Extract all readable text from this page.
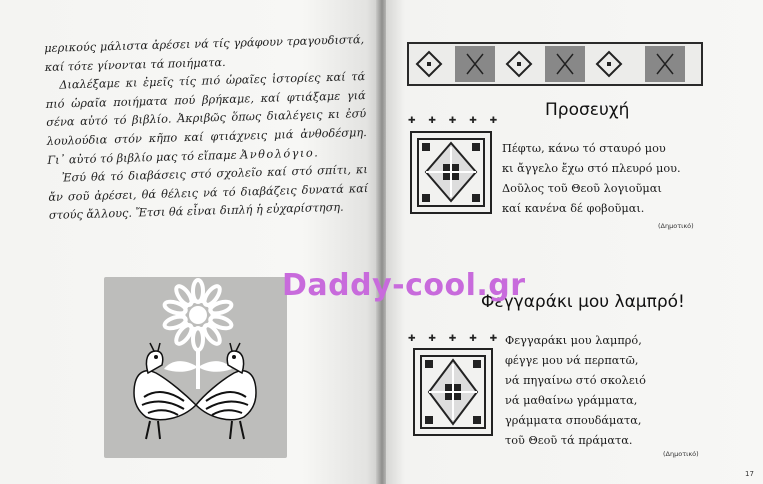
μερικούς μάλιστα ἀρέσει νά τίς γράφουν τραγουδιστά, καί τότε γίνονται τά ποιήματα.

Διαλέξαμε κι ἐμεῖς τίς πιό ὡραῖες ἱστορίες καί τά πιό ὡραῖα ποιήματα πού βρήκαμε, καί φτιάξαμε γιά σένα αὐτό τό βιβλίο. Ἀκριβῶς ὅπως διαλέγεις κι ἐσύ λουλούδια στόν κῆπο καί φτιάχνεις μιά ἀνθοδέσμη. Γι᾽ αὐτό τό βιβλίο μας τό εἴπαμε Ἀνθολόγιο.

Ἐσύ θά τό διαβάσεις στό σχολεῖο καί στό σπίτι, κι ἄν σοῦ ἀρέσει, θά θέλεις νά τό διαβάζεις δυνατά καί στούς ἄλλους. Ἔτσι θά εἶναι διπλή ἡ εὐχαρίστηση.

✚ ✚ ✚ ✚ ✚
Προσευχή
Πέφτω, κάνω τό σταυρό μου
κι ἄγγελο ἔχω στό πλευρό μου.
Δοῦλος τοῦ Θεοῦ λογιοῦμαι
καί κανένα δέ φοβοῦμαι.
(Δημοτικό)
✚ ✚ ✚ ✚ ✚
Φεγγαράκι μου λαμπρό!
Φεγγαράκι μου λαμπρό,
φέγγε μου νά περπατῶ,
νά πηγαίνω στό σκολειό
νά μαθαίνω γράμματα,
γράμματα σπουδάματα,
τοῦ Θεοῦ τά πράματα.
(Δημοτικό)
17
Daddy-cool.gr
